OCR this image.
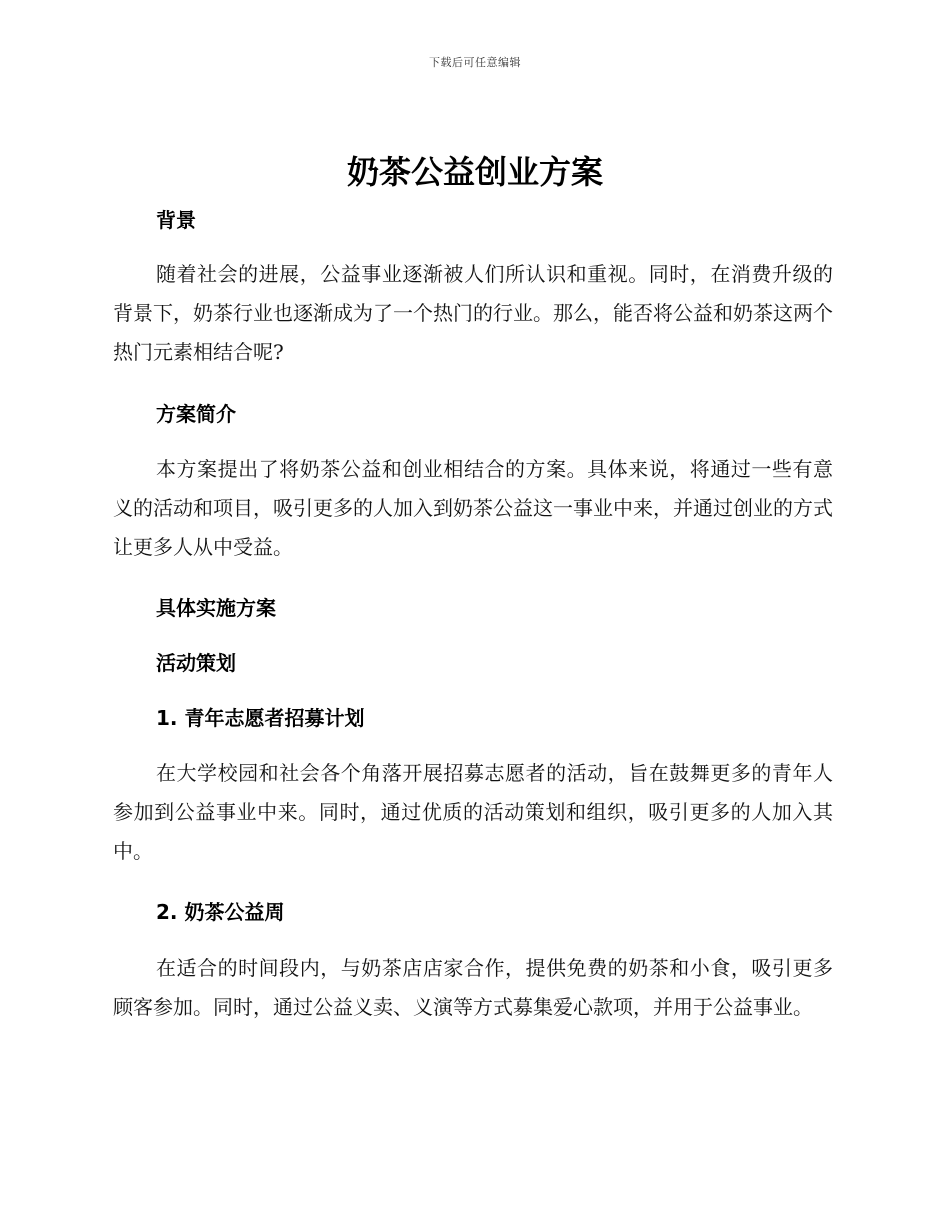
下载后可任意编辑
奶茶公益创业方案
背景
随着社会的进展，公益事业逐渐被人们所认识和重视。同时，在消费升级的背景下，奶茶行业也逐渐成为了一个热门的行业。那么，能否将公益和奶茶这两个热门元素相结合呢?
方案简介
本方案提出了将奶茶公益和创业相结合的方案。具体来说，将通过一些有意义的活动和项目，吸引更多的人加入到奶茶公益这一事业中来，并通过创业的方式让更多人从中受益。
具体实施方案
活动策划
1. 青年志愿者招募计划
在大学校园和社会各个角落开展招募志愿者的活动，旨在鼓舞更多的青年人参加到公益事业中来。同时，通过优质的活动策划和组织，吸引更多的人加入其中。
2. 奶茶公益周
在适合的时间段内，与奶茶店店家合作，提供免费的奶茶和小食，吸引更多顾客参加。同时，通过公益义卖、义演等方式募集爱心款项，并用于公益事业。
